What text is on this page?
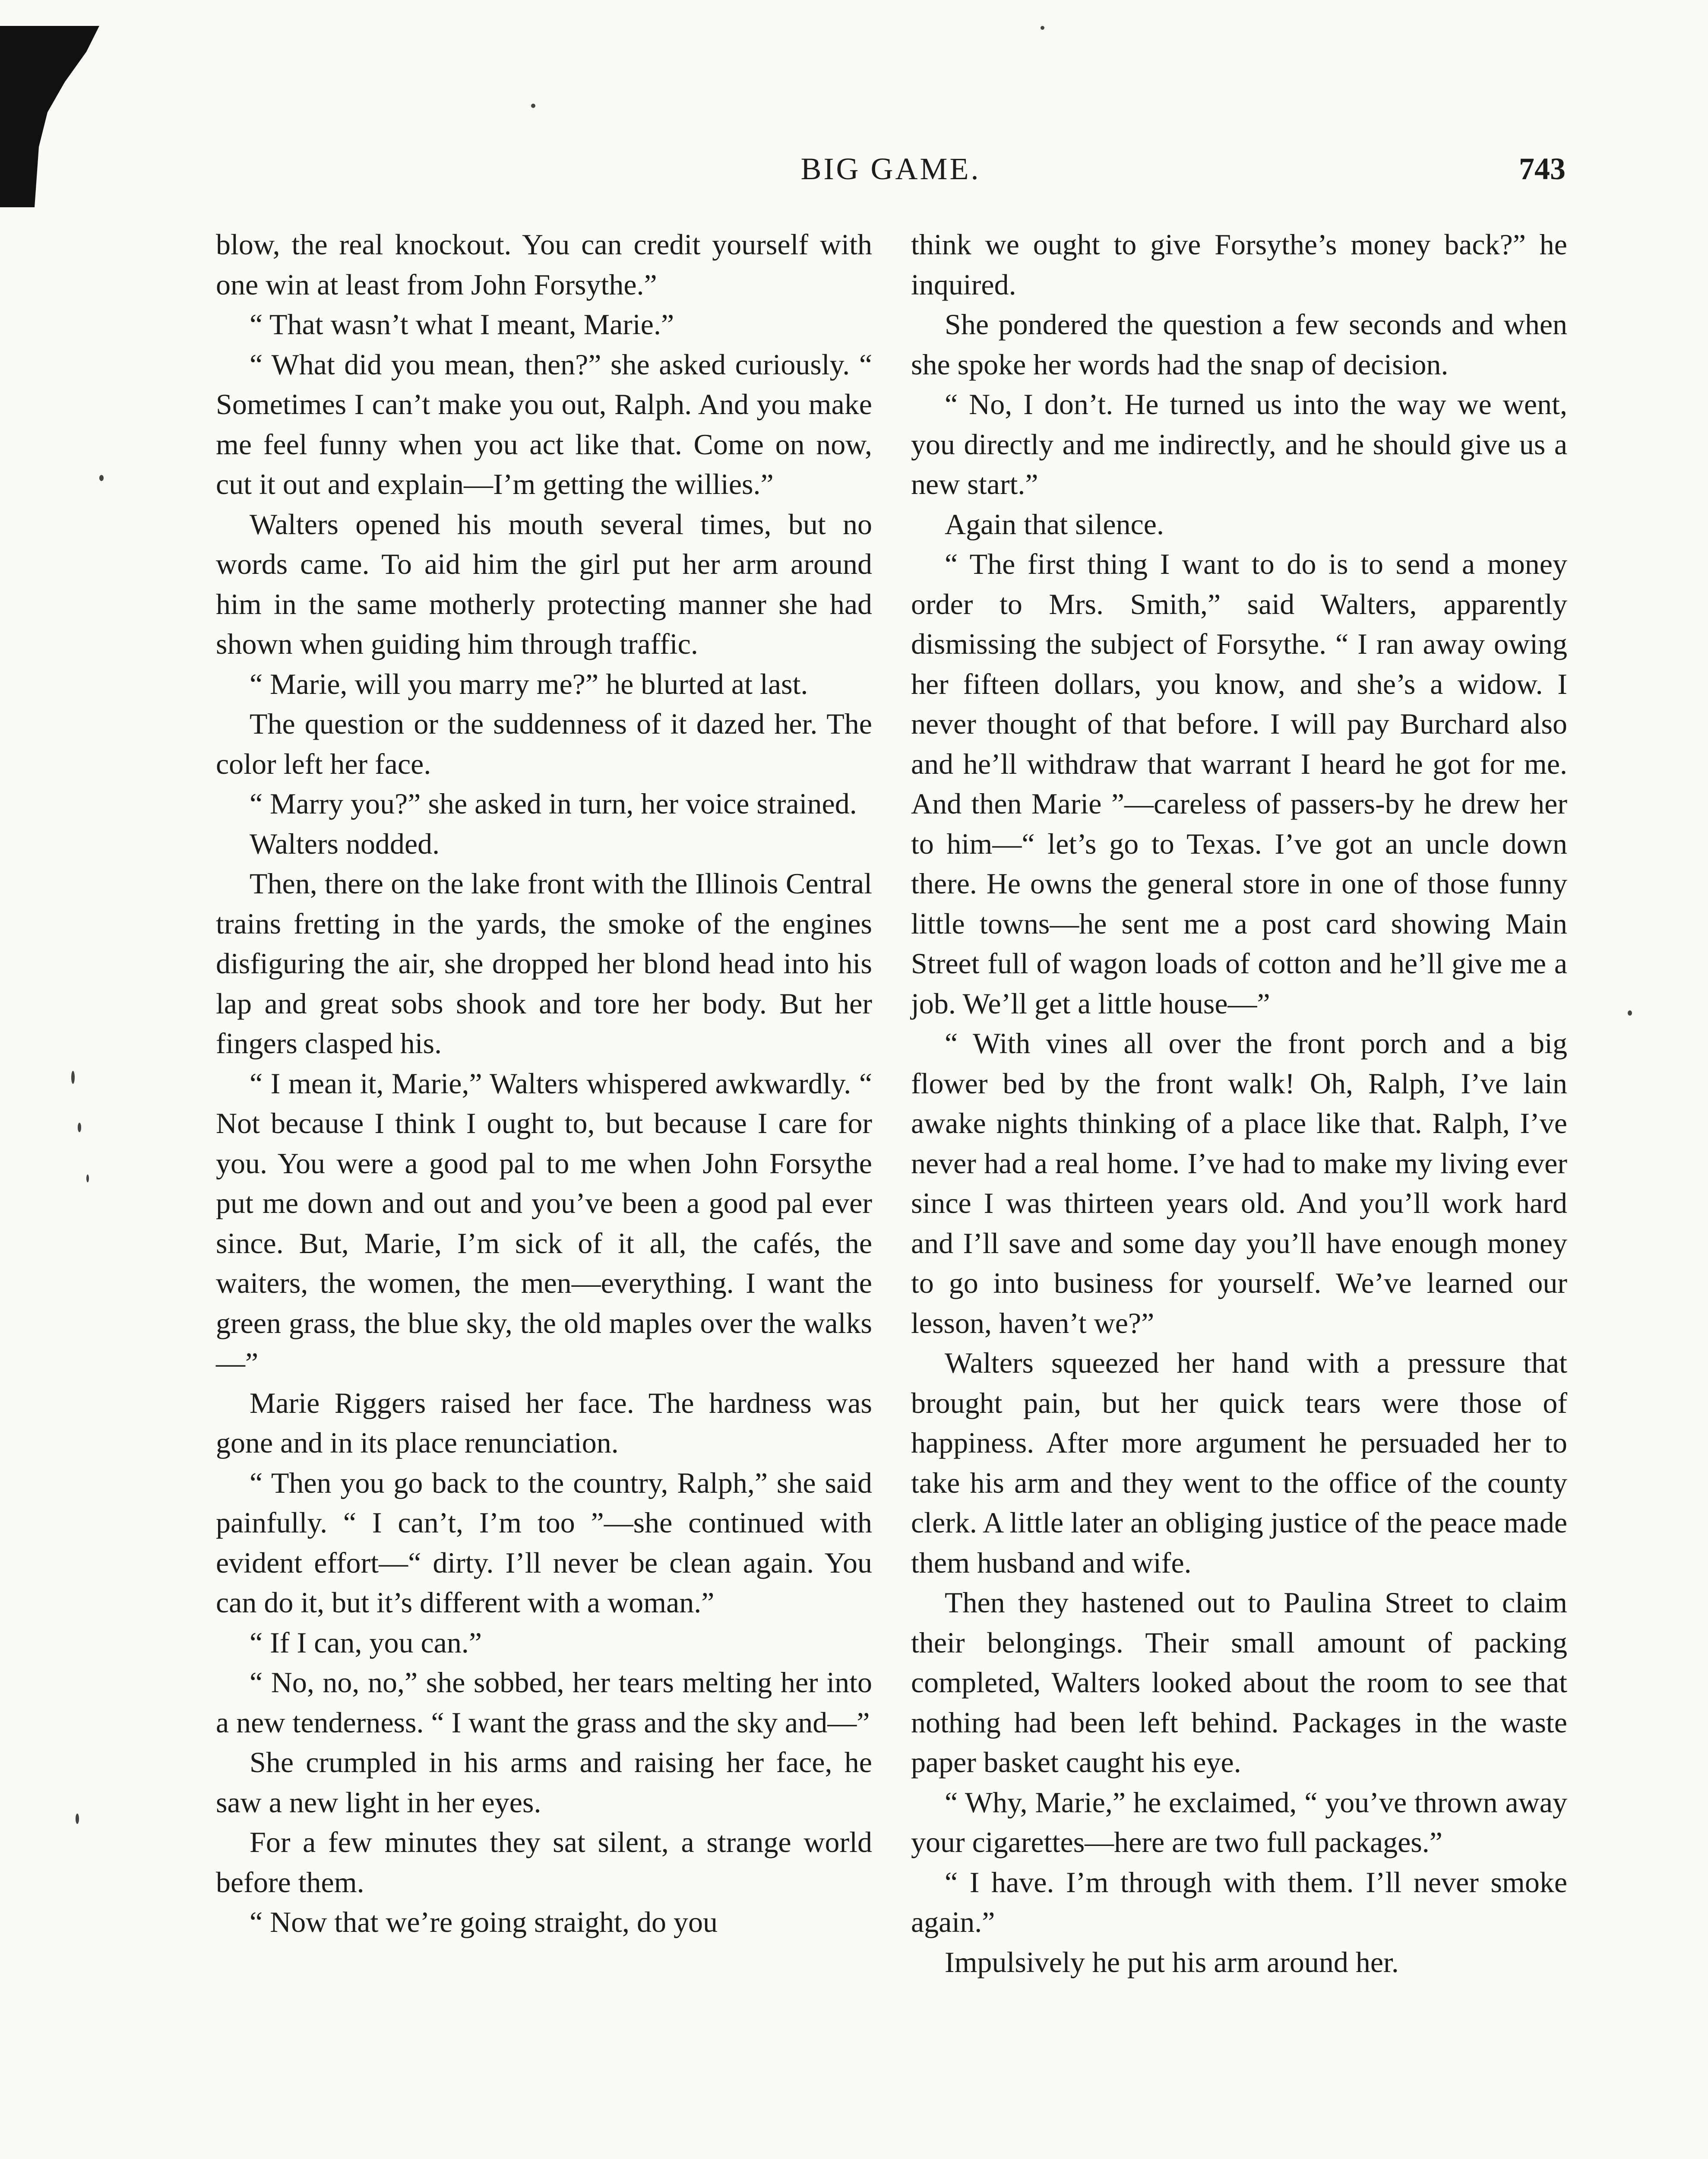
BIG GAME.	743

blow, the real knockout. You can credit yourself with one win at least from John Forsythe.”

“ That wasn’t what I meant, Marie.”

“ What did you mean, then?” she asked curiously. “ Sometimes I can’t make you out, Ralph. And you make me feel funny when you act like that. Come on now, cut it out and explain—I’m getting the willies.”

Walters opened his mouth several times, but no words came. To aid him the girl put her arm around him in the same motherly protecting manner she had shown when guiding him through traffic.

“ Marie, will you marry me?” he blurted at last.

The question or the suddenness of it dazed her. The color left her face.

“ Marry you?” she asked in turn, her voice strained.

Walters nodded.

Then, there on the lake front with the Illinois Central trains fretting in the yards, the smoke of the engines disfiguring the air, she dropped her blond head into his lap and great sobs shook and tore her body. But her fingers clasped his.

“ I mean it, Marie,” Walters whispered awkwardly. “ Not because I think I ought to, but because I care for you. You were a good pal to me when John Forsythe put me down and out and you’ve been a good pal ever since. But, Marie, I’m sick of it all, the cafés, the waiters, the women, the men—everything. I want the green grass, the blue sky, the old maples over the walks—”

Marie Riggers raised her face. The hardness was gone and in its place renunciation.

“ Then you go back to the country, Ralph,” she said painfully. “ I can’t, I’m too ”—she continued with evident effort—“ dirty. I’ll never be clean again. You can do it, but it’s different with a woman.”

“ If I can, you can.”

“ No, no, no,” she sobbed, her tears melting her into a new tenderness. “ I want the grass and the sky and—”

She crumpled in his arms and raising her face, he saw a new light in her eyes.

For a few minutes they sat silent, a strange world before them.

“ Now that we’re going straight, do you

think we ought to give Forsythe’s money back?” he inquired.

She pondered the question a few seconds and when she spoke her words had the snap of decision.

“ No, I don’t. He turned us into the way we went, you directly and me indirectly, and he should give us a new start.”

Again that silence.

“ The first thing I want to do is to send a money order to Mrs. Smith,” said Walters, apparently dismissing the subject of Forsythe. “ I ran away owing her fifteen dollars, you know, and she’s a widow. I never thought of that before. I will pay Burchard also and he’ll withdraw that warrant I heard he got for me. And then Marie ”—careless of passers-by he drew her to him—“ let’s go to Texas. I’ve got an uncle down there. He owns the general store in one of those funny little towns—he sent me a post card showing Main Street full of wagon loads of cotton and he’ll give me a job. We’ll get a little house—”

“ With vines all over the front porch and a big flower bed by the front walk! Oh, Ralph, I’ve lain awake nights thinking of a place like that. Ralph, I’ve never had a real home. I’ve had to make my living ever since I was thirteen years old. And you’ll work hard and I’ll save and some day you’ll have enough money to go into business for yourself. We’ve learned our lesson, haven’t we?”

Walters squeezed her hand with a pressure that brought pain, but her quick tears were those of happiness. After more argument he persuaded her to take his arm and they went to the office of the county clerk. A little later an obliging justice of the peace made them husband and wife.

Then they hastened out to Paulina Street to claim their belongings. Their small amount of packing completed, Walters looked about the room to see that nothing had been left behind. Packages in the waste paper basket caught his eye.

“ Why, Marie,” he exclaimed, “ you’ve thrown away your cigarettes—here are two full packages.”

“ I have. I’m through with them. I’ll never smoke again.”

Impulsively he put his arm around her.
